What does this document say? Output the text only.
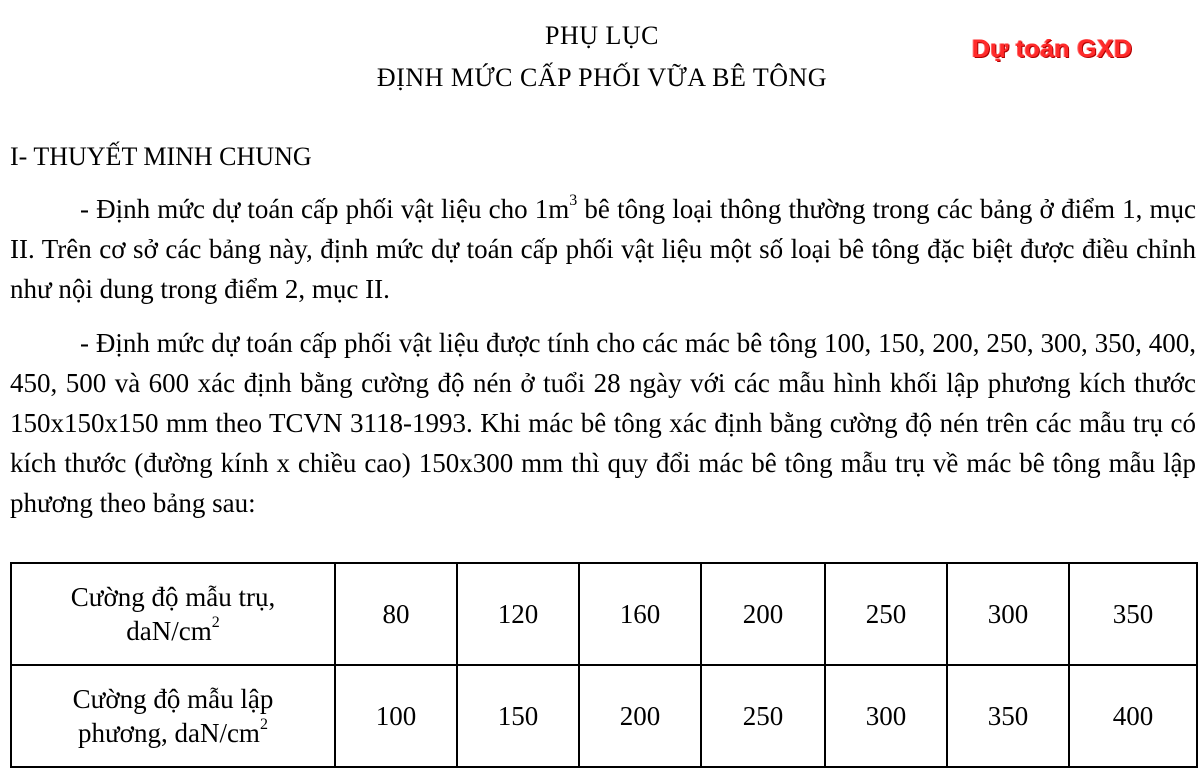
PHỤ LỤC
ĐỊNH MỨC CẤP PHỐI VỮA BÊ TÔNG
Dự toán GXD
I- THUYẾT MINH CHUNG

- Định mức dự toán cấp phối vật liệu cho $1m^3$ bê tông loại thông thường trong các bảng ở điểm 1, mục II. Trên cơ sở các bảng này, định mức dự toán cấp phối vật liệu một số loại bê tông đặc biệt được điều chỉnh như nội dung trong điểm 2, mục II.

- Định mức dự toán cấp phối vật liệu được tính cho các mác bê tông 100, 150, 200, 250, 300, 350, 400, 450, 500 và 600 xác định bằng cường độ nén ở tuổi 28 ngày với các mẫu hình khối lập phương kích thước 150x150x150 mm theo TCVN 3118-1993. Khi mác bê tông xác định bằng cường độ nén trên các mẫu trụ có kích thước (đường kính x chiều cao) 150x300 mm thì quy đổi mác bê tông mẫu trụ về mác bê tông mẫu lập phương theo bảng sau:

Cường độ mẫu trụ,
daN/$cm^2$	80	120	160	200	250	300	350
Cường độ mẫu lập
phương, daN/$cm^2$	100	150	200	250	300	350	400
